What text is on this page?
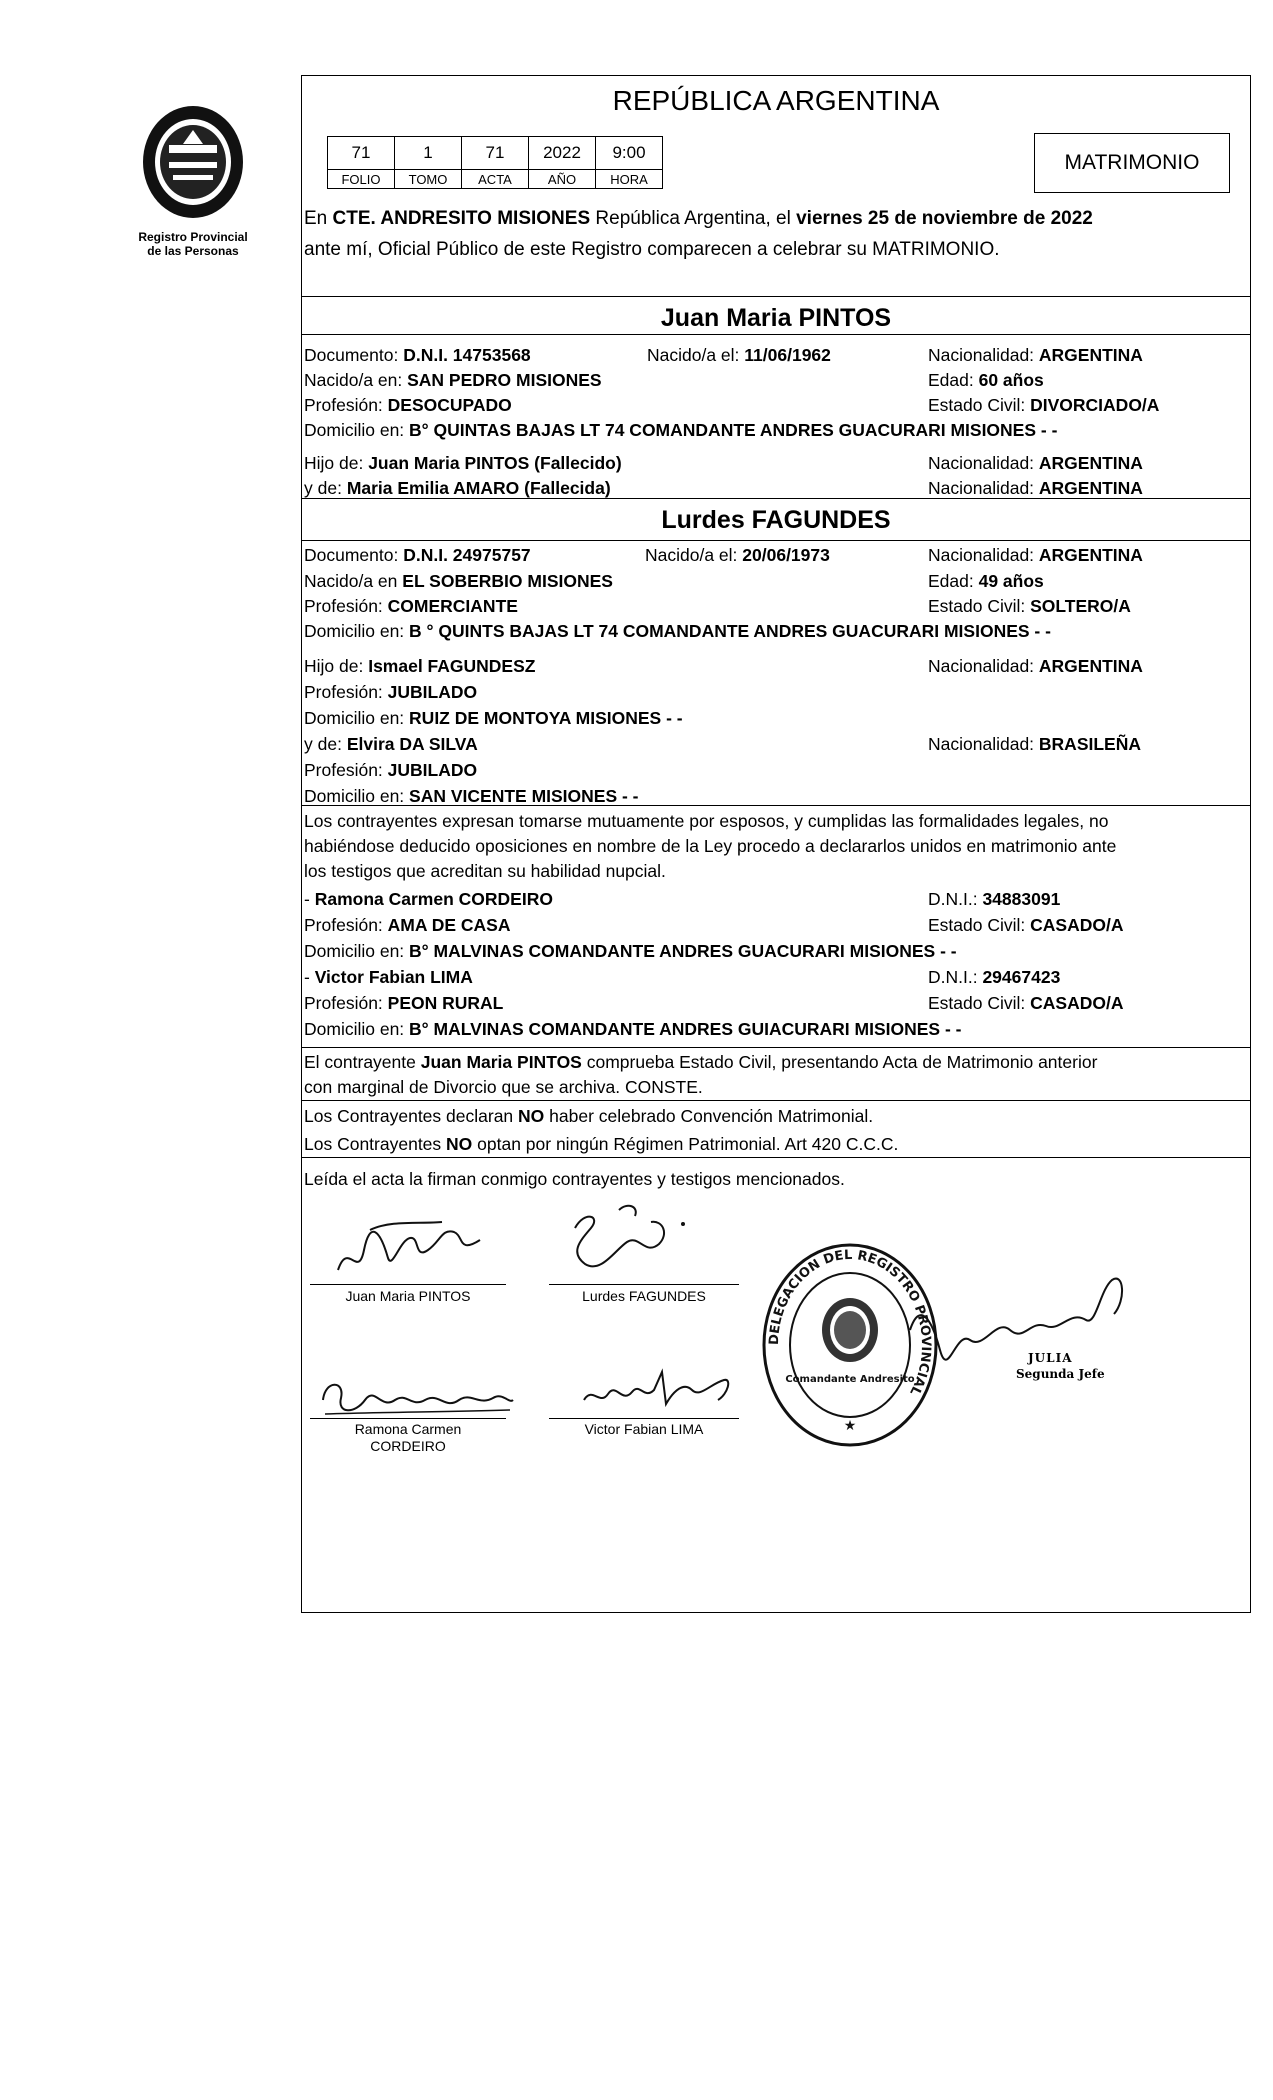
Registro Provincial
de las Personas
REPÚBLICA ARGENTINA
71	1	71	2022	9:00
FOLIO	TOMO	ACTA	AÑO	HORA
MATRIMONIO
En CTE. ANDRESITO MISIONES República Argentina, el viernes 25 de noviembre de 2022
ante mí, Oficial Público de este Registro comparecen a celebrar su MATRIMONIO.
Juan Maria PINTOS
Documento: D.N.I. 14753568	Nacido/a el: 11/06/1962	Nacionalidad: ARGENTINA
Nacido/a en: SAN PEDRO MISIONES	Edad: 60 años
Profesión: DESOCUPADO	Estado Civil: DIVORCIADO/A
Domicilio en: B° QUINTAS BAJAS LT 74 COMANDANTE ANDRES GUACURARI MISIONES - -
Hijo de: Juan Maria PINTOS (Fallecido)	Nacionalidad: ARGENTINA
y de: Maria Emilia AMARO (Fallecida)	Nacionalidad: ARGENTINA
Lurdes FAGUNDES
Documento: D.N.I. 24975757	Nacido/a el: 20/06/1973	Nacionalidad: ARGENTINA
Nacido/a en EL SOBERBIO MISIONES	Edad: 49 años
Profesión: COMERCIANTE	Estado Civil: SOLTERO/A
Domicilio en: B ° QUINTS BAJAS LT 74 COMANDANTE ANDRES GUACURARI MISIONES - -
Hijo de: Ismael FAGUNDESZ	Nacionalidad: ARGENTINA
Profesión: JUBILADO
Domicilio en: RUIZ DE MONTOYA MISIONES - -
y de: Elvira DA SILVA	Nacionalidad: BRASILEÑA
Profesión: JUBILADO
Domicilio en: SAN VICENTE MISIONES - -
Los contrayentes expresan tomarse mutuamente por esposos, y cumplidas las formalidades legales, no
habiéndose deducido oposiciones en nombre de la Ley procedo a declararlos unidos en matrimonio ante
los testigos que acreditan su habilidad nupcial.
- Ramona Carmen CORDEIRO	D.N.I.: 34883091
Profesión: AMA DE CASA	Estado Civil: CASADO/A
Domicilio en: B° MALVINAS COMANDANTE ANDRES GUACURARI MISIONES - -
- Victor Fabian LIMA	D.N.I.: 29467423
Profesión: PEON RURAL	Estado Civil: CASADO/A
Domicilio en: B° MALVINAS COMANDANTE ANDRES GUIACURARI MISIONES - -
El contrayente Juan Maria PINTOS comprueba Estado Civil, presentando Acta de Matrimonio anterior
con marginal de Divorcio que se archiva. CONSTE.
Los Contrayentes declaran NO haber celebrado Convención Matrimonial.
Los Contrayentes NO optan por ningún Régimen Patrimonial. Art 420 C.C.C.
Leída el acta la firman conmigo contrayentes y testigos mencionados.
Juan Maria PINTOS	Lurdes FAGUNDES
Ramona Carmen
CORDEIRO
Victor Fabian LIMA
DELEGACION DEL REGISTRO PROVINCIAL
Comandante Andresito
★
JULIA
Segunda Jefe
